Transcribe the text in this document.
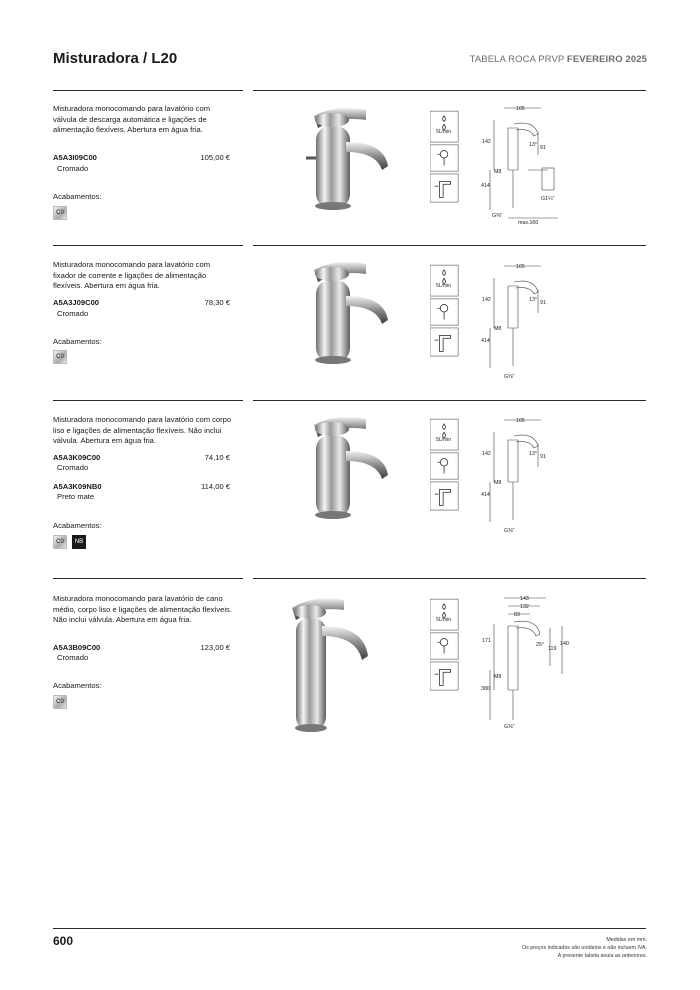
Misturadora / L20	TABELA ROCA PRVP FEVEREIRO 2025
Misturadora monocomando para lavatório com válvula de descarga automática e ligações de alimentação flexíveis. Abertura em água fria.
A5A3I09C00	105,00 €
Cromado
Acabamentos:
C0
5L/min
105
142	13° 91
M8
414
G1¼"
G⅜"
max.160
Misturadora monocomando para lavatório com fixador de corrente e ligações de alimentação flexíveis. Abertura em água fria.
A5A3J09C00	78,30 €
Cromado
Acabamentos:
C0
5L/min
105
142	13° 91
M8
414
G⅜"
Misturadora monocomando para lavatório com corpo liso e ligações de alimentação flexíveis. Não inclui válvula. Abertura em água fria.
A5A3K09C00	74,10 €
Cromado
A5A3K09NB0	114,00 €
Preto mate
Acabamentos:
C0	NB
5L/min
105
142	13° 91
M8
414
G⅜"
Misturadora monocomando para lavatório de cano médio, corpo liso e ligações de alimentação flexíveis. Não inclui válvula. Abertura em água fria.
A5A3B09C00	123,00 €
Cromado
Acabamentos:
C0
5L/min
143
132
83
171
25°
119
140
M8
380
G⅜"
600	Medidas em mm.
Os preços indicados são unitários e não incluem IVA.
A presente tabela anula as anteriores.
